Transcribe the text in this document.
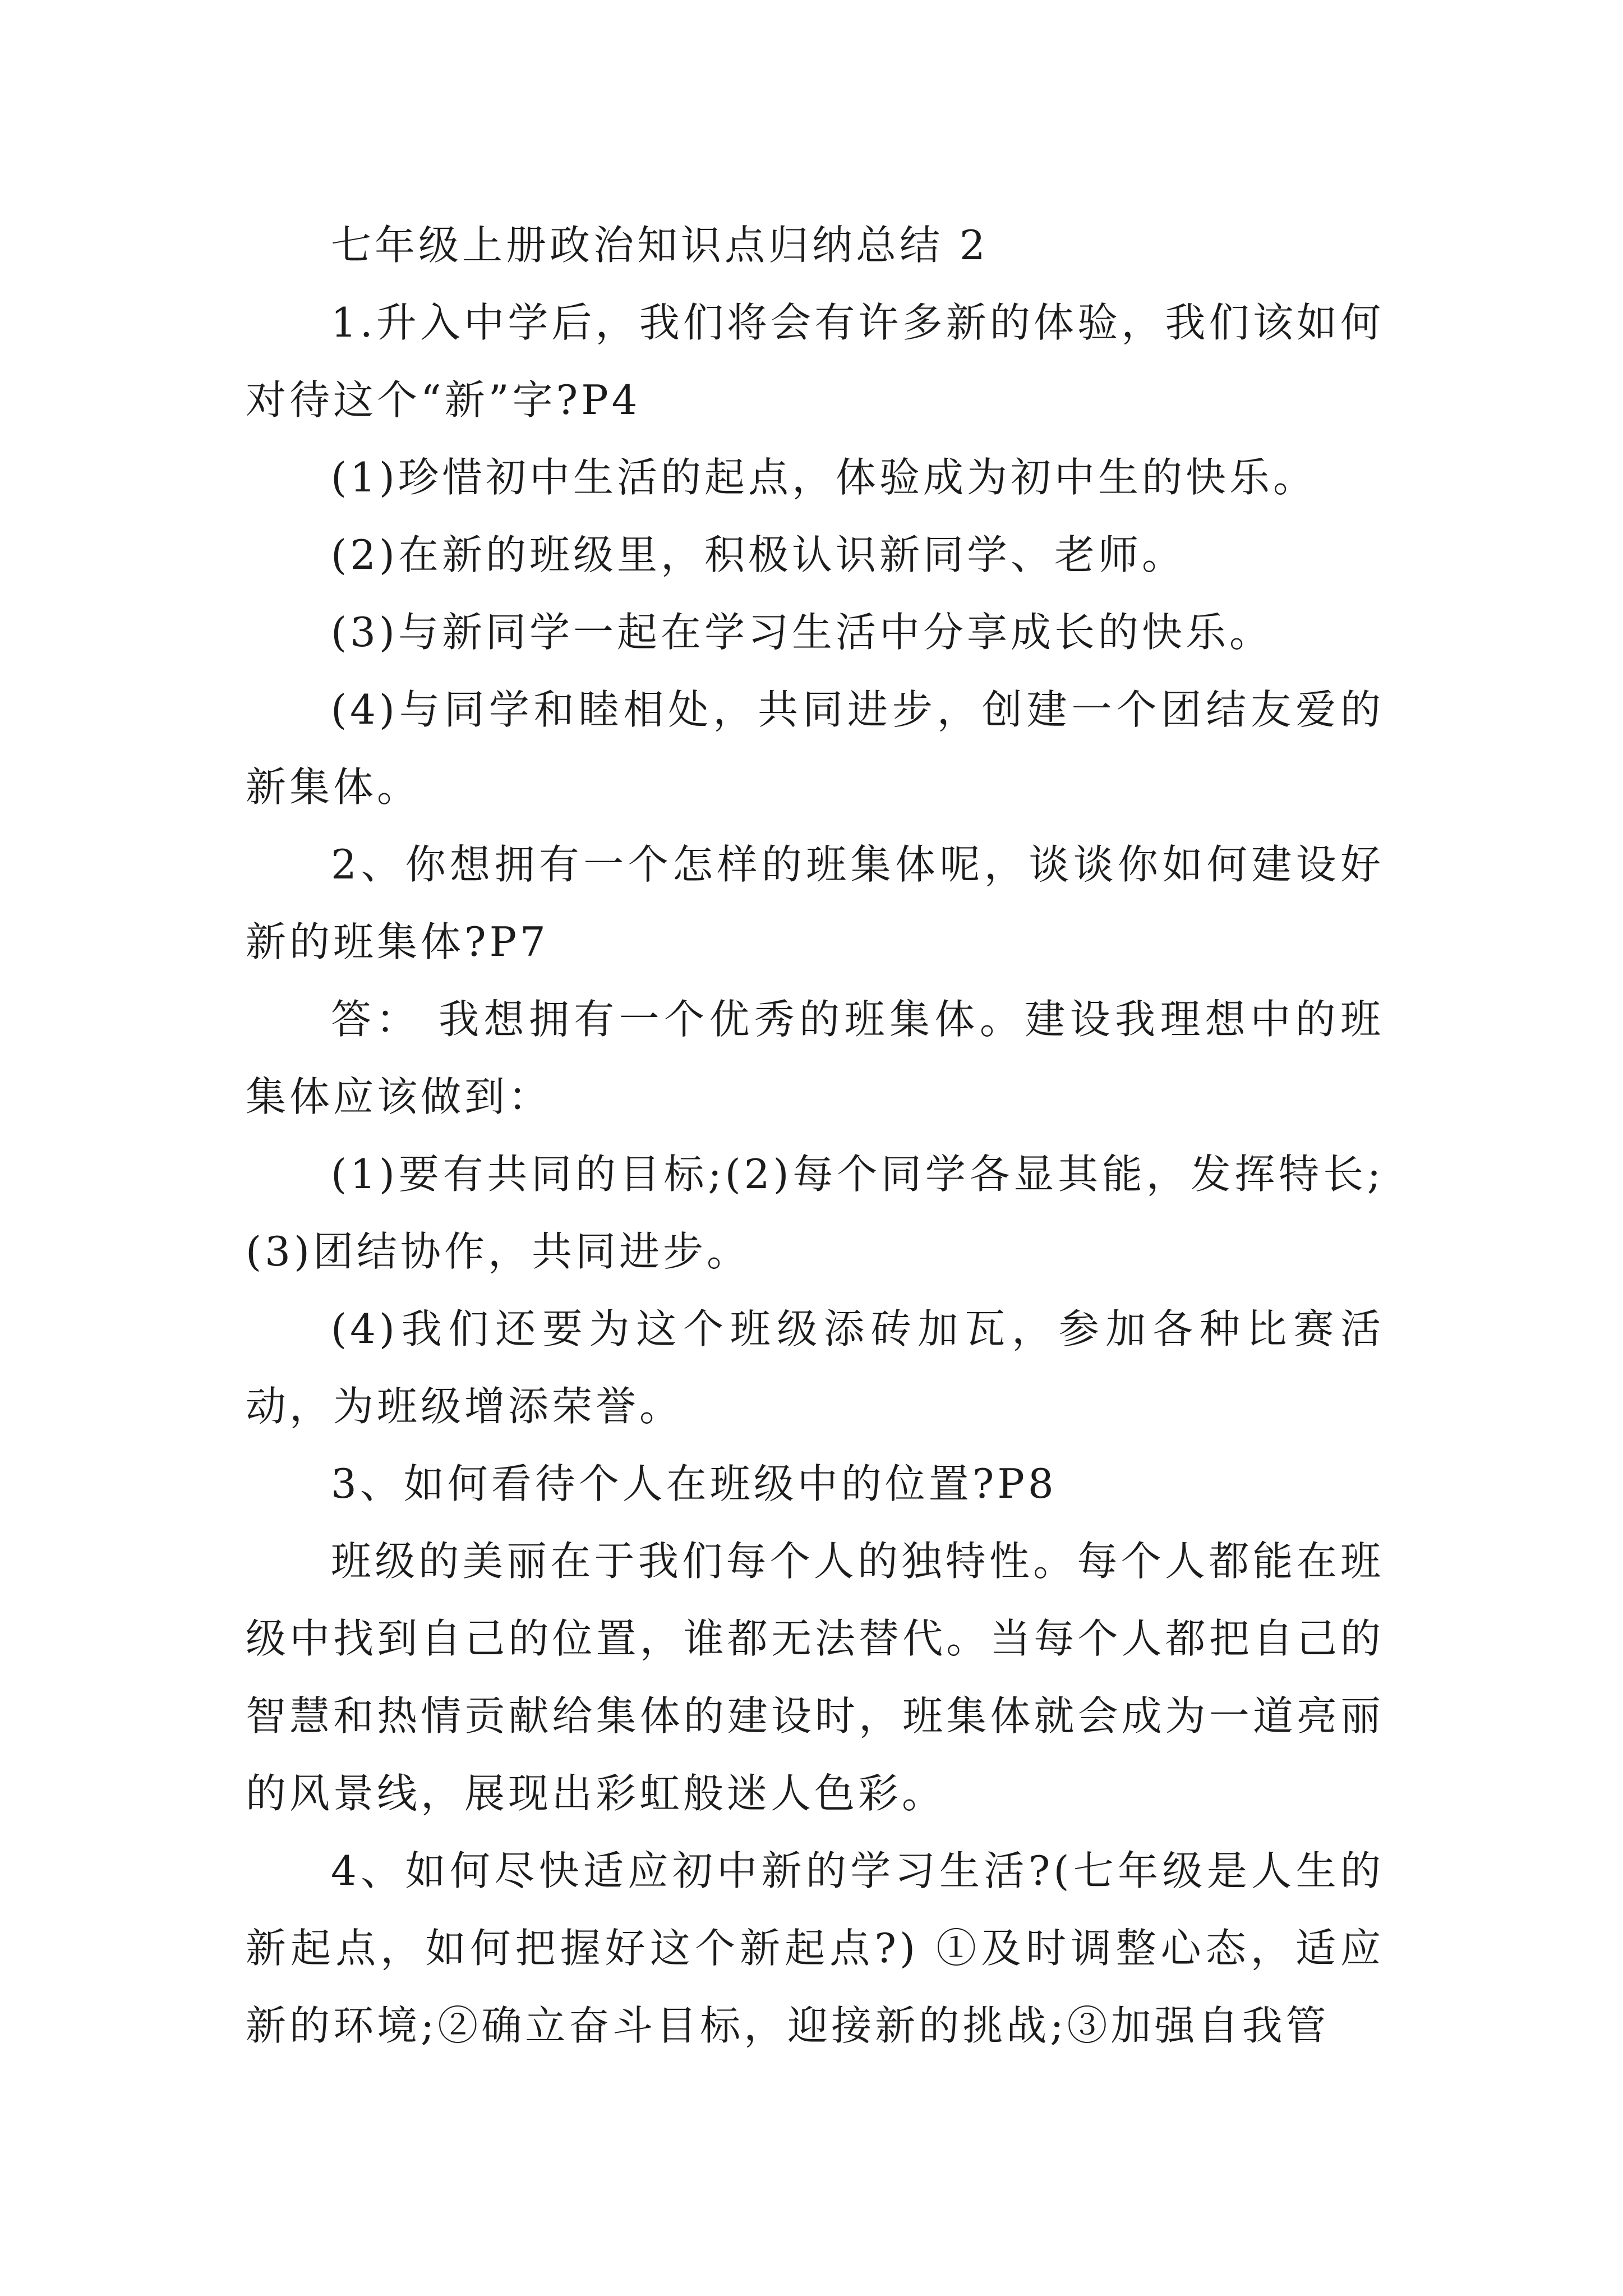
七年级上册政治知识点归纳总结 2

1.升入中学后，我们将会有许多新的体验，我们该如何对待这个“新”字?P4

(1)珍惜初中生活的起点，体验成为初中生的快乐。

(2)在新的班级里，积极认识新同学、老师。

(3)与新同学一起在学习生活中分享成长的快乐。

(4)与同学和睦相处，共同进步，创建一个团结友爱的新集体。

2、你想拥有一个怎样的班集体呢，谈谈你如何建设好新的班集体?P7

答： 我想拥有一个优秀的班集体。建设我理想中的班集体应该做到：

(1)要有共同的目标;(2)每个同学各显其能，发挥特长;(3)团结协作，共同进步。

(4)我们还要为这个班级添砖加瓦，参加各种比赛活动，为班级增添荣誉。

3、如何看待个人在班级中的位置?P8

班级的美丽在于我们每个人的独特性。每个人都能在班级中找到自己的位置，谁都无法替代。当每个人都把自己的智慧和热情贡献给集体的建设时，班集体就会成为一道亮丽的风景线，展现出彩虹般迷人色彩。

4、如何尽快适应初中新的学习生活?(七年级是人生的新起点，如何把握好这个新起点?) ①及时调整心态，适应新的环境;②确立奋斗目标，迎接新的挑战;③加强自我管
